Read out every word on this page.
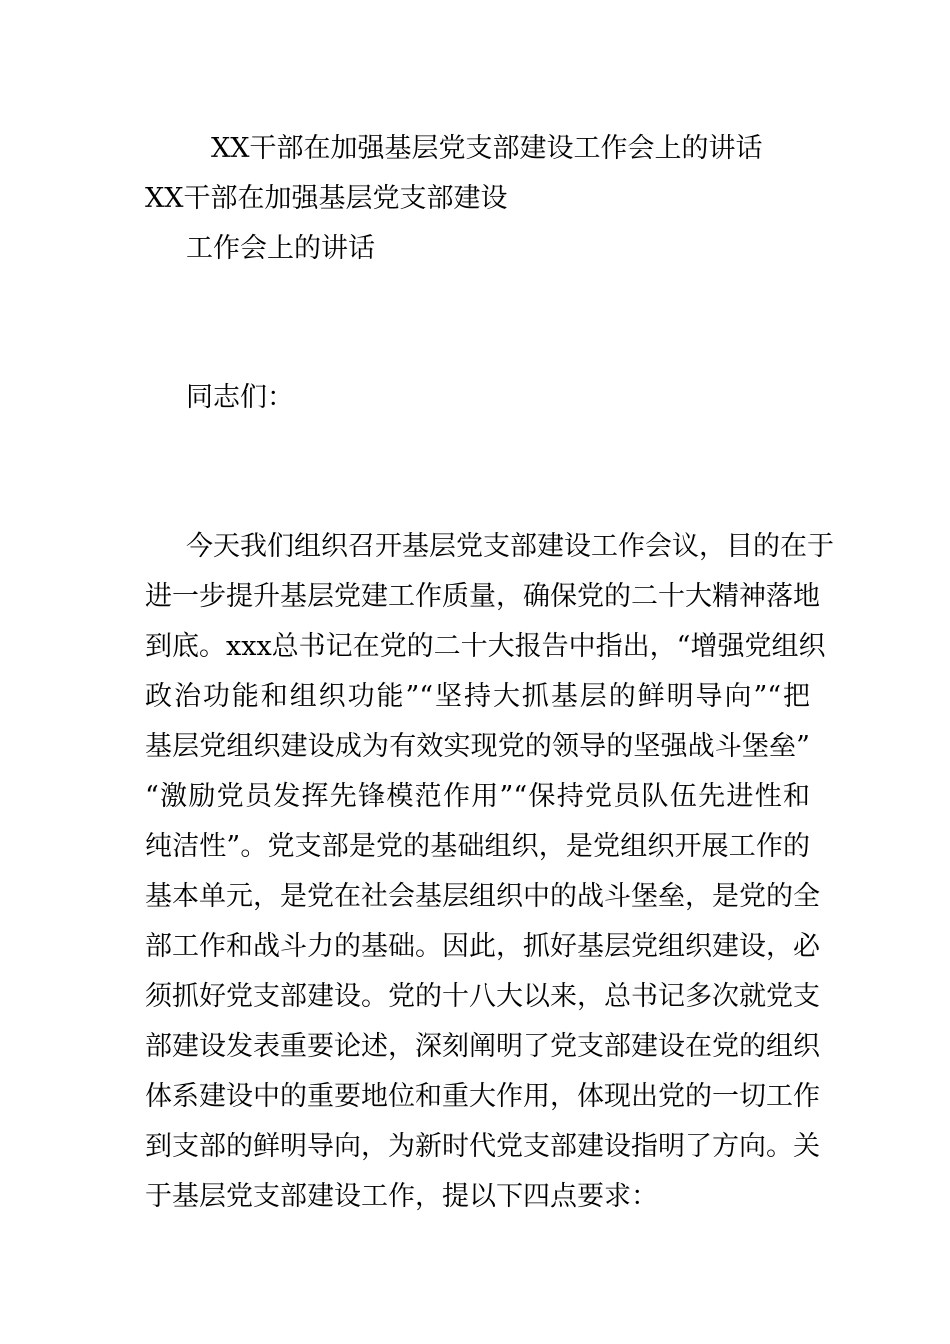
XX干部在加强基层党支部建设工作会上的讲话
XX干部在加强基层党支部建设
工作会上的讲话
同志们：
今天我们组织召开基层党支部建设工作会议，目的在于
进一步提升基层党建工作质量，确保党的二十大精神落地
到底。xxx总书记在党的二十大报告中指出，“增强党组织
政治功能和组织功能”“坚持大抓基层的鲜明导向”“把
基层党组织建设成为有效实现党的领导的坚强战斗堡垒”
“激励党员发挥先锋模范作用”“保持党员队伍先进性和
纯洁性”。党支部是党的基础组织，是党组织开展工作的
基本单元，是党在社会基层组织中的战斗堡垒，是党的全
部工作和战斗力的基础。因此，抓好基层党组织建设，必
须抓好党支部建设。党的十八大以来，总书记多次就党支
部建设发表重要论述，深刻阐明了党支部建设在党的组织
体系建设中的重要地位和重大作用，体现出党的一切工作
到支部的鲜明导向，为新时代党支部建设指明了方向。关
于基层党支部建设工作，提以下四点要求：
